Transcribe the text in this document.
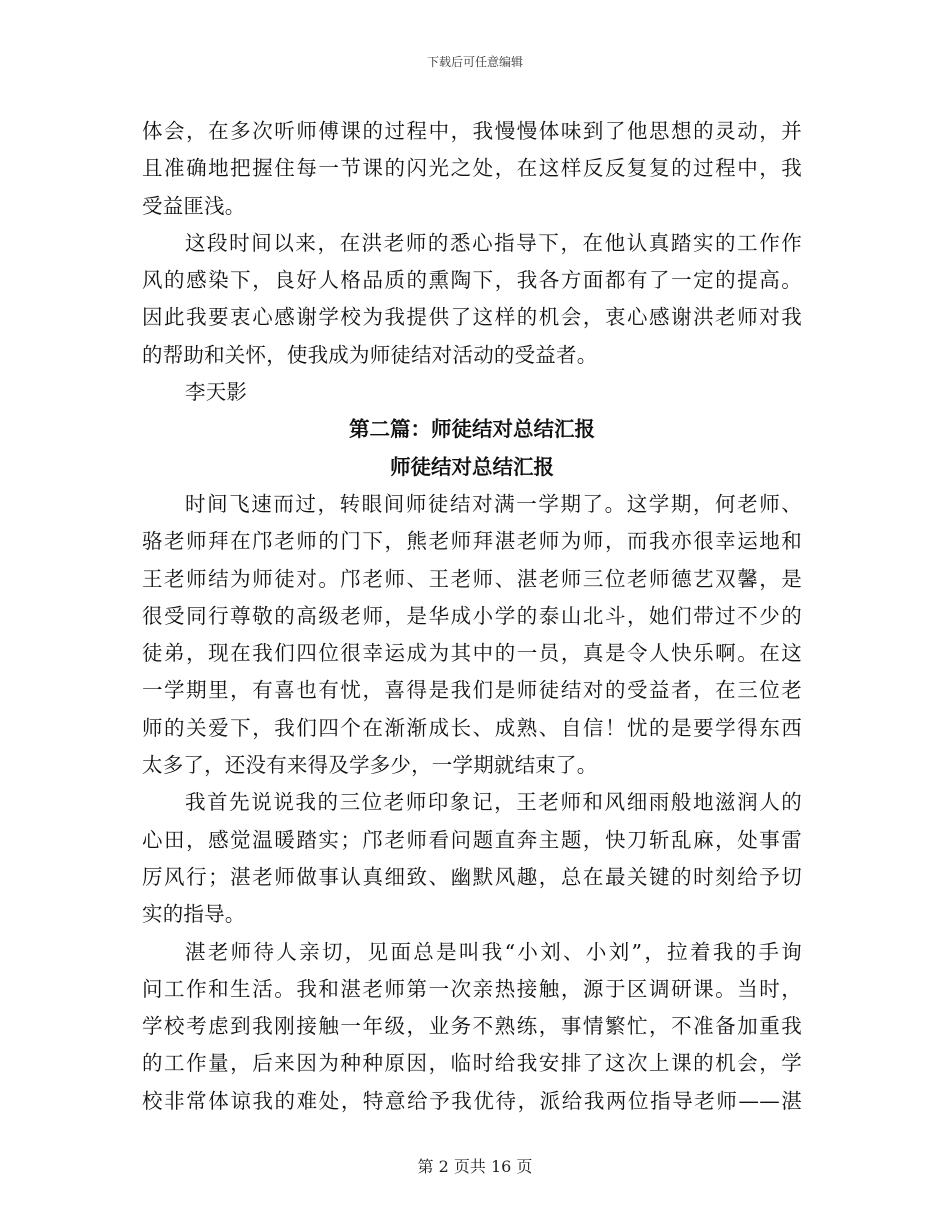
下载后可任意编辑
体会，在多次听师傅课的过程中，我慢慢体味到了他思想的灵动，并
且准确地把握住每一节课的闪光之处，在这样反反复复的过程中，我
受益匪浅。
这段时间以来，在洪老师的悉心指导下，在他认真踏实的工作作
风的感染下，良好人格品质的熏陶下，我各方面都有了一定的提高。
因此我要衷心感谢学校为我提供了这样的机会，衷心感谢洪老师对我
的帮助和关怀，使我成为师徒结对活动的受益者。
李天影
第二篇：师徒结对总结汇报
师徒结对总结汇报
时间飞速而过，转眼间师徒结对满一学期了。这学期，何老师、
骆老师拜在邝老师的门下，熊老师拜湛老师为师，而我亦很幸运地和
王老师结为师徒对。邝老师、王老师、湛老师三位老师德艺双馨，是
很受同行尊敬的高级老师，是华成小学的泰山北斗，她们带过不少的
徒弟，现在我们四位很幸运成为其中的一员，真是令人快乐啊。在这
一学期里，有喜也有忧，喜得是我们是师徒结对的受益者，在三位老
师的关爱下，我们四个在渐渐成长、成熟、自信！忧的是要学得东西
太多了，还没有来得及学多少，一学期就结束了。
我首先说说我的三位老师印象记，王老师和风细雨般地滋润人的
心田，感觉温暖踏实；邝老师看问题直奔主题，快刀斩乱麻，处事雷
厉风行；湛老师做事认真细致、幽默风趣，总在最关键的时刻给予切
实的指导。
湛老师待人亲切，见面总是叫我“小刘、小刘”，拉着我的手询
问工作和生活。我和湛老师第一次亲热接触，源于区调研课。当时，
学校考虑到我刚接触一年级，业务不熟练，事情繁忙，不准备加重我
的工作量，后来因为种种原因，临时给我安排了这次上课的机会，学
校非常体谅我的难处，特意给予我优待，派给我两位指导老师——湛
第 2 页共 16 页
